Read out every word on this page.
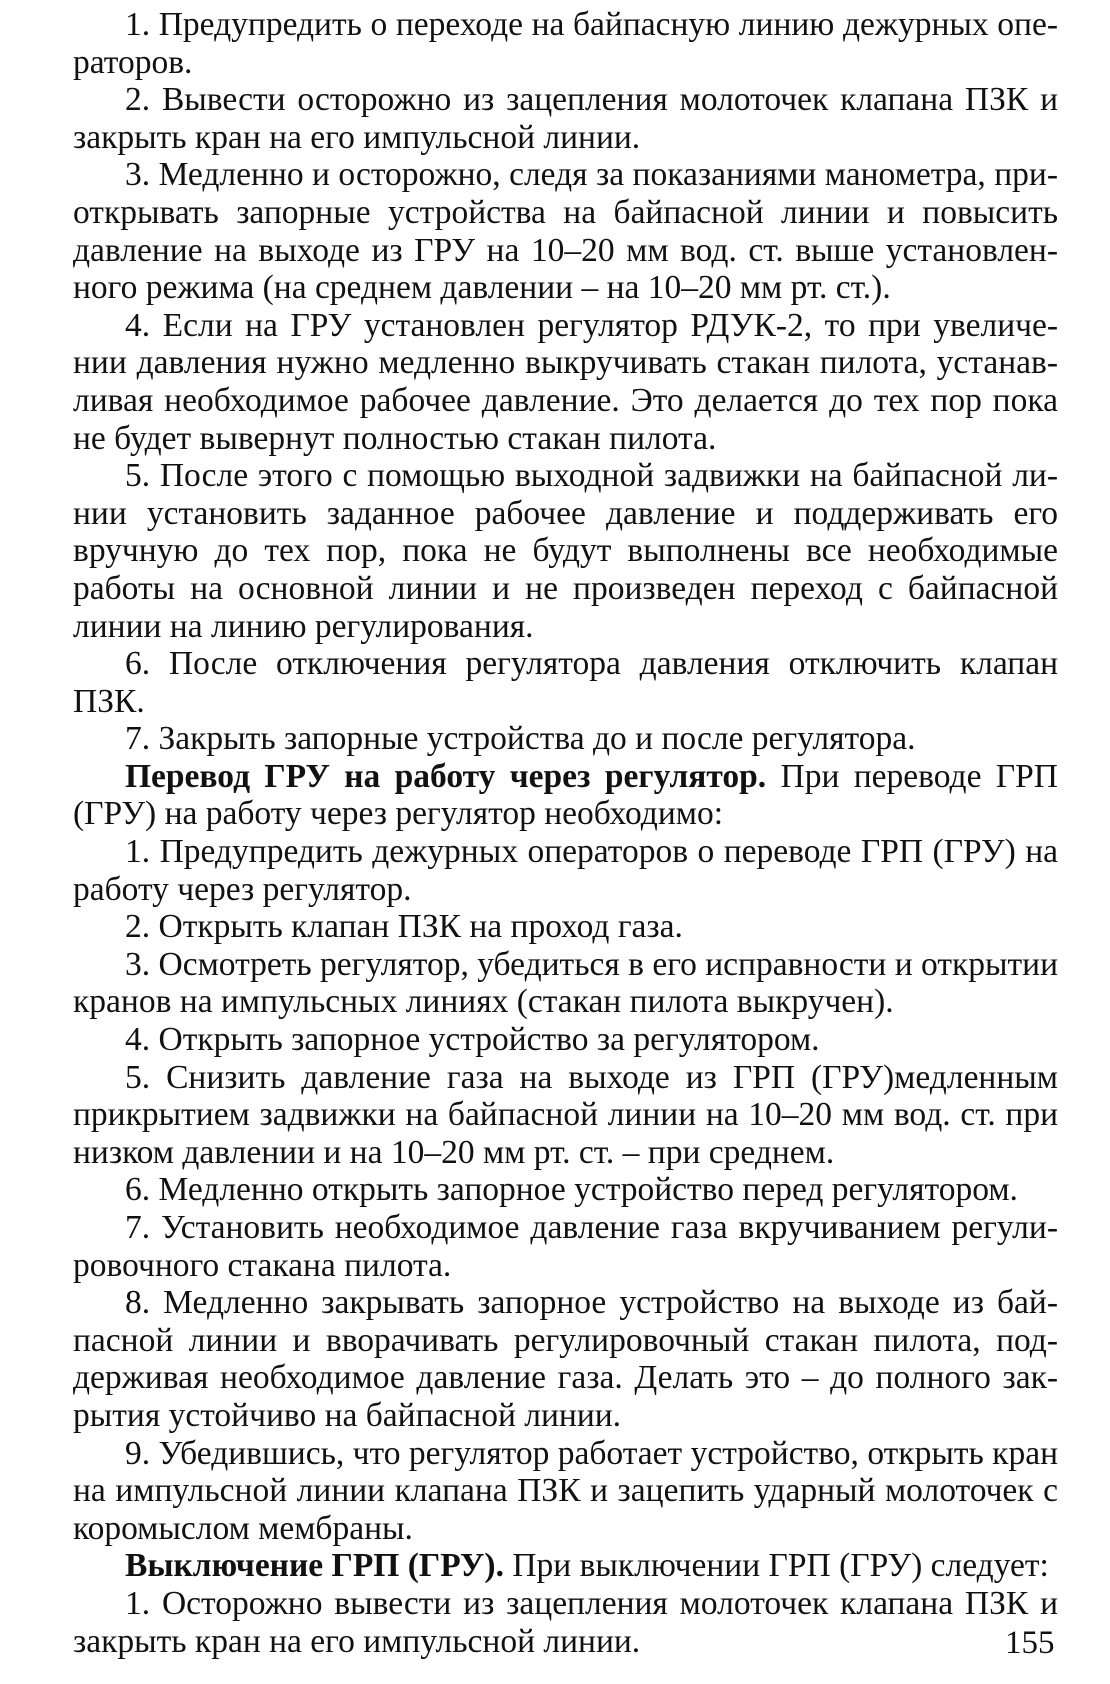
1. Предупредить о переходе на байпасную линию дежурных операторов.

2. Вывести осторожно из зацепления молоточек клапана ПЗК и закрыть кран на его импульсной линии.

3. Медленно и осторожно, следя за показаниями манометра, приоткрывать запорные устройства на байпасной линии и повысить давление на выходе из ГРУ на 10–20 мм вод. ст. выше установленного режима (на среднем давлении – на 10–20 мм рт. ст.).

4. Если на ГРУ установлен регулятор РДУК-2, то при увеличении давления нужно медленно выкручивать стакан пилота, устанавливая необходимое рабочее давление. Это делается до тех пор пока не будет вывернут полностью стакан пилота.

5. После этого с помощью выходной задвижки на байпасной линии установить заданное рабочее давление и поддерживать его вручную до тех пор, пока не будут выполнены все необходимые работы на основной линии и не произведен переход с байпасной линии на линию регулирования.

6. После отключения регулятора давления отключить клапан ПЗК.

7. Закрыть запорные устройства до и после регулятора.

Перевод ГРУ на работу через регулятор. При переводе ГРП (ГРУ) на работу через регулятор необходимо:

1. Предупредить дежурных операторов о переводе ГРП (ГРУ) на работу через регулятор.

2. Открыть клапан ПЗК на проход газа.

3. Осмотреть регулятор, убедиться в его исправности и открытии кранов на импульсных линиях (стакан пилота выкручен).

4. Открыть запорное устройство за регулятором.

5. Снизить давление газа на выходе из ГРП (ГРУ)медленным прикрытием задвижки на байпасной линии на 10–20 мм вод. ст. при низком давлении и на 10–20 мм рт. ст. – при среднем.

6. Медленно открыть запорное устройство перед регулятором.

7. Установить необходимое давление газа вкручиванием регулировочного стакана пилота.

8. Медленно закрывать запорное устройство на выходе из байпасной линии и вворачивать регулировочный стакан пилота, поддерживая необходимое давление газа. Делать это – до полного закрытия устойчиво на байпасной линии.

9. Убедившись, что регулятор работает устройство, открыть кран на импульсной линии клапана ПЗК и зацепить ударный молоточек с коромыслом мембраны.

Выключение ГРП (ГРУ). При выключении ГРП (ГРУ) следует:

1. Осторожно вывести из зацепления молоточек клапана ПЗК и закрыть кран на его импульсной линии.	155
